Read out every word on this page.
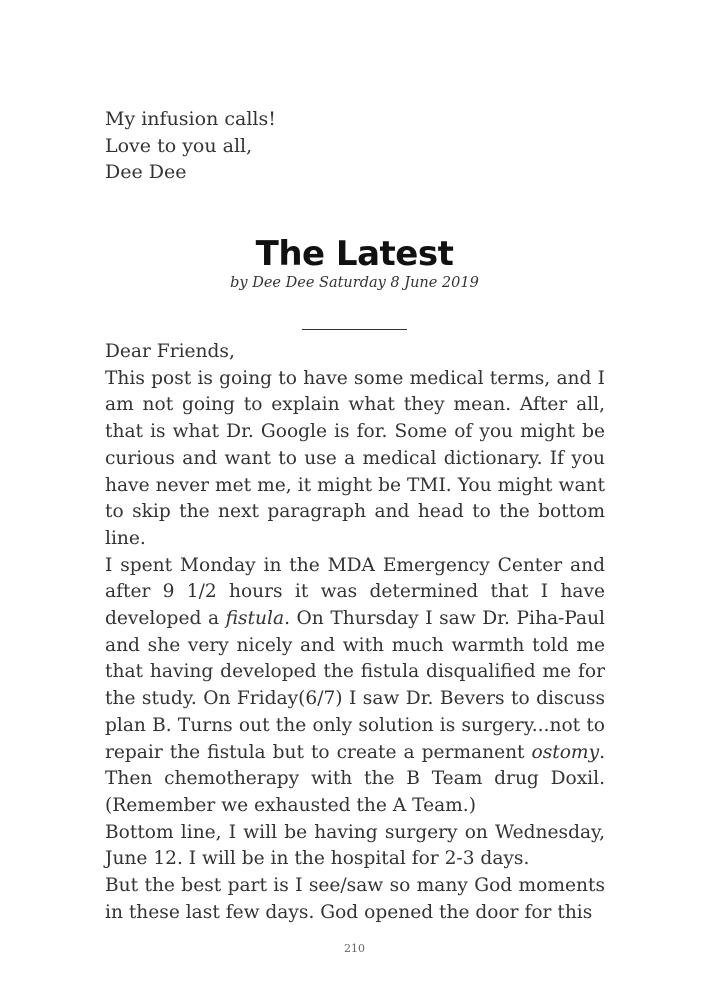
My infusion calls!
Love to you all,
Dee Dee
The Latest
by Dee Dee Saturday 8 June 2019

Dear Friends,

This post is going to have some medical terms, and I am not going to explain what they mean. After all, that is what Dr. Google is for. Some of you might be curious and want to use a medical dictionary. If you have never met me, it might be TMI. You might want to skip the next paragraph and head to the bottom line.

I spent Monday in the MDA Emergency Center and after 9 1/2 hours it was determined that I have developed a fistula. On Thursday I saw Dr. Piha-Paul and she very nicely and with much warmth told me that having developed the fistula disqualified me for the study. On Friday(6/7) I saw Dr. Bevers to discuss plan B. Turns out the only solution is surgery...not to repair the fistula but to create a permanent ostomy. Then chemotherapy with the B Team drug Doxil. (Remember we exhausted the A Team.)

Bottom line, I will be having surgery on Wednesday, June 12. I will be in the hospital for 2-3 days.

But the best part is I see/saw so many God moments in these last few days. God opened the door for this

210
